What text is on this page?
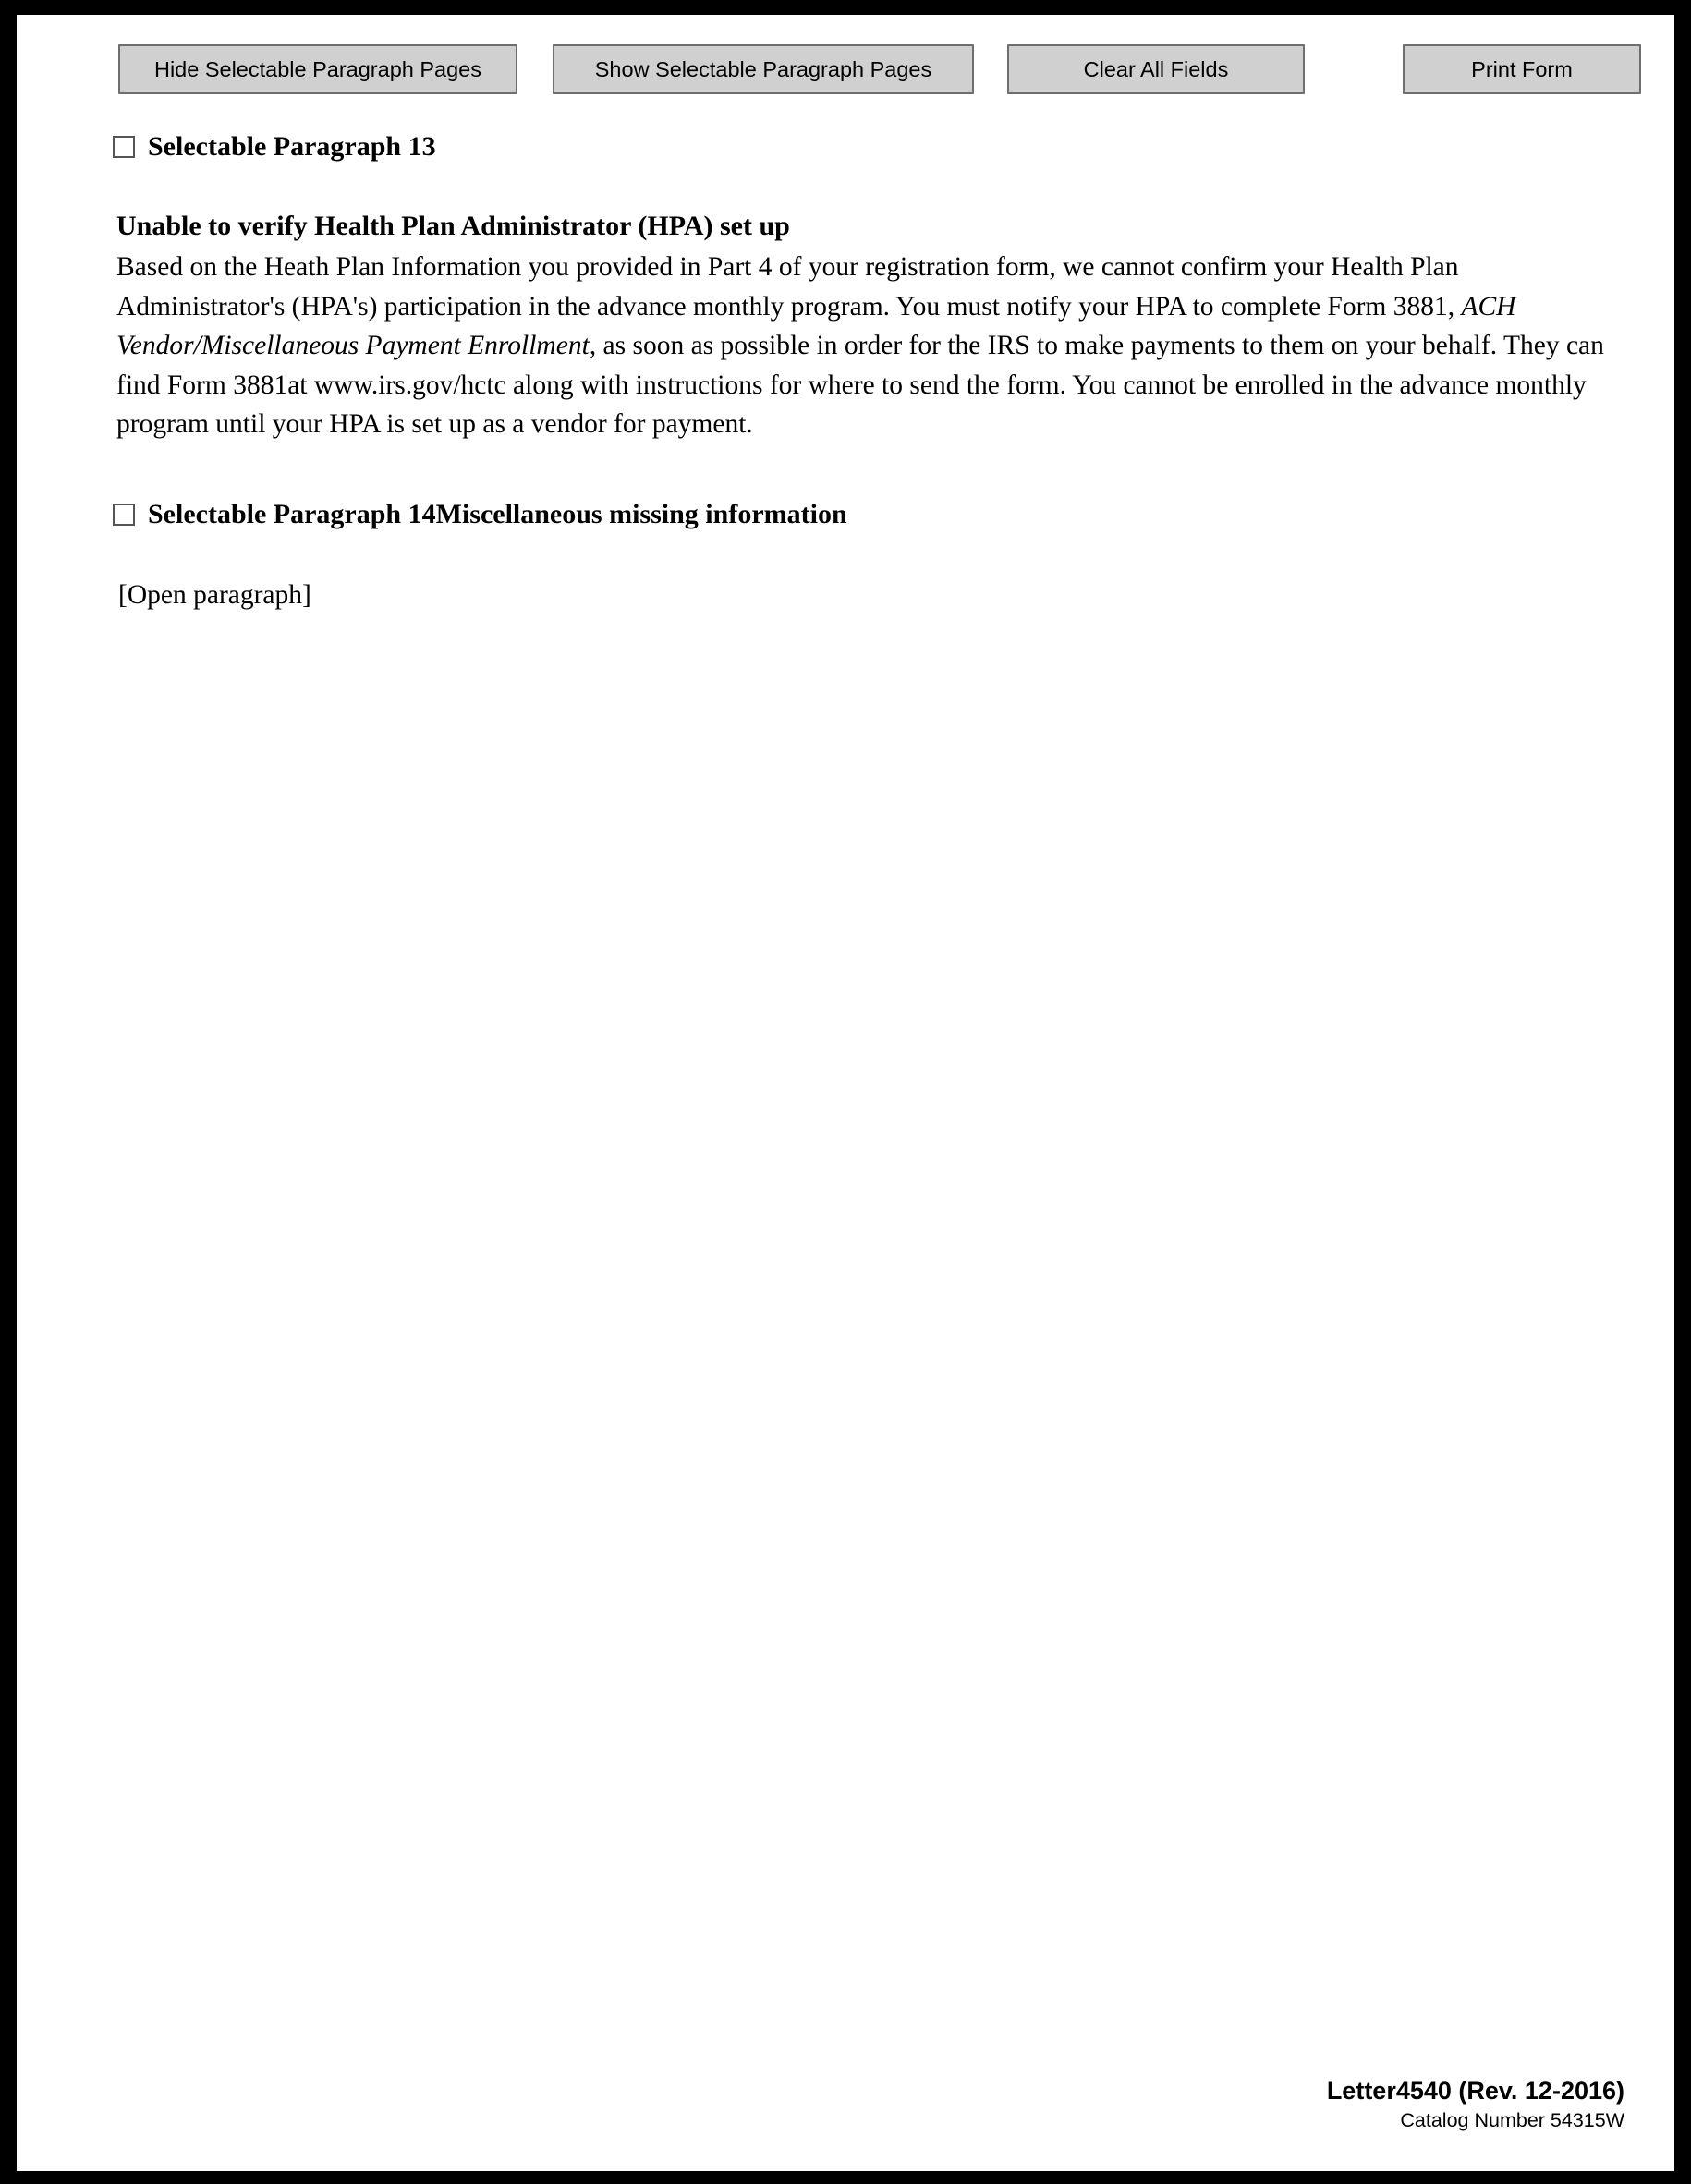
Hide Selectable Paragraph Pages	Show Selectable Paragraph Pages	Clear All Fields	Print Form
Selectable Paragraph 13
Unable to verify Health Plan Administrator (HPA) set up
Based on the Heath Plan Information you provided in Part 4 of your registration form, we cannot confirm your Health Plan Administrator's (HPA's) participation in the advance monthly program. You must notify your HPA to complete Form 3881, ACH Vendor/Miscellaneous Payment Enrollment, as soon as possible in order for the IRS to make payments to them on your behalf. They can find Form 3881at www.irs.gov/hctc along with instructions for where to send the form. You cannot be enrolled in the advance monthly program until your HPA is set up as a vendor for payment.
Selectable Paragraph 14 Miscellaneous missing information
[Open paragraph]
Letter4540 (Rev. 12-2016)
Catalog Number 54315W
